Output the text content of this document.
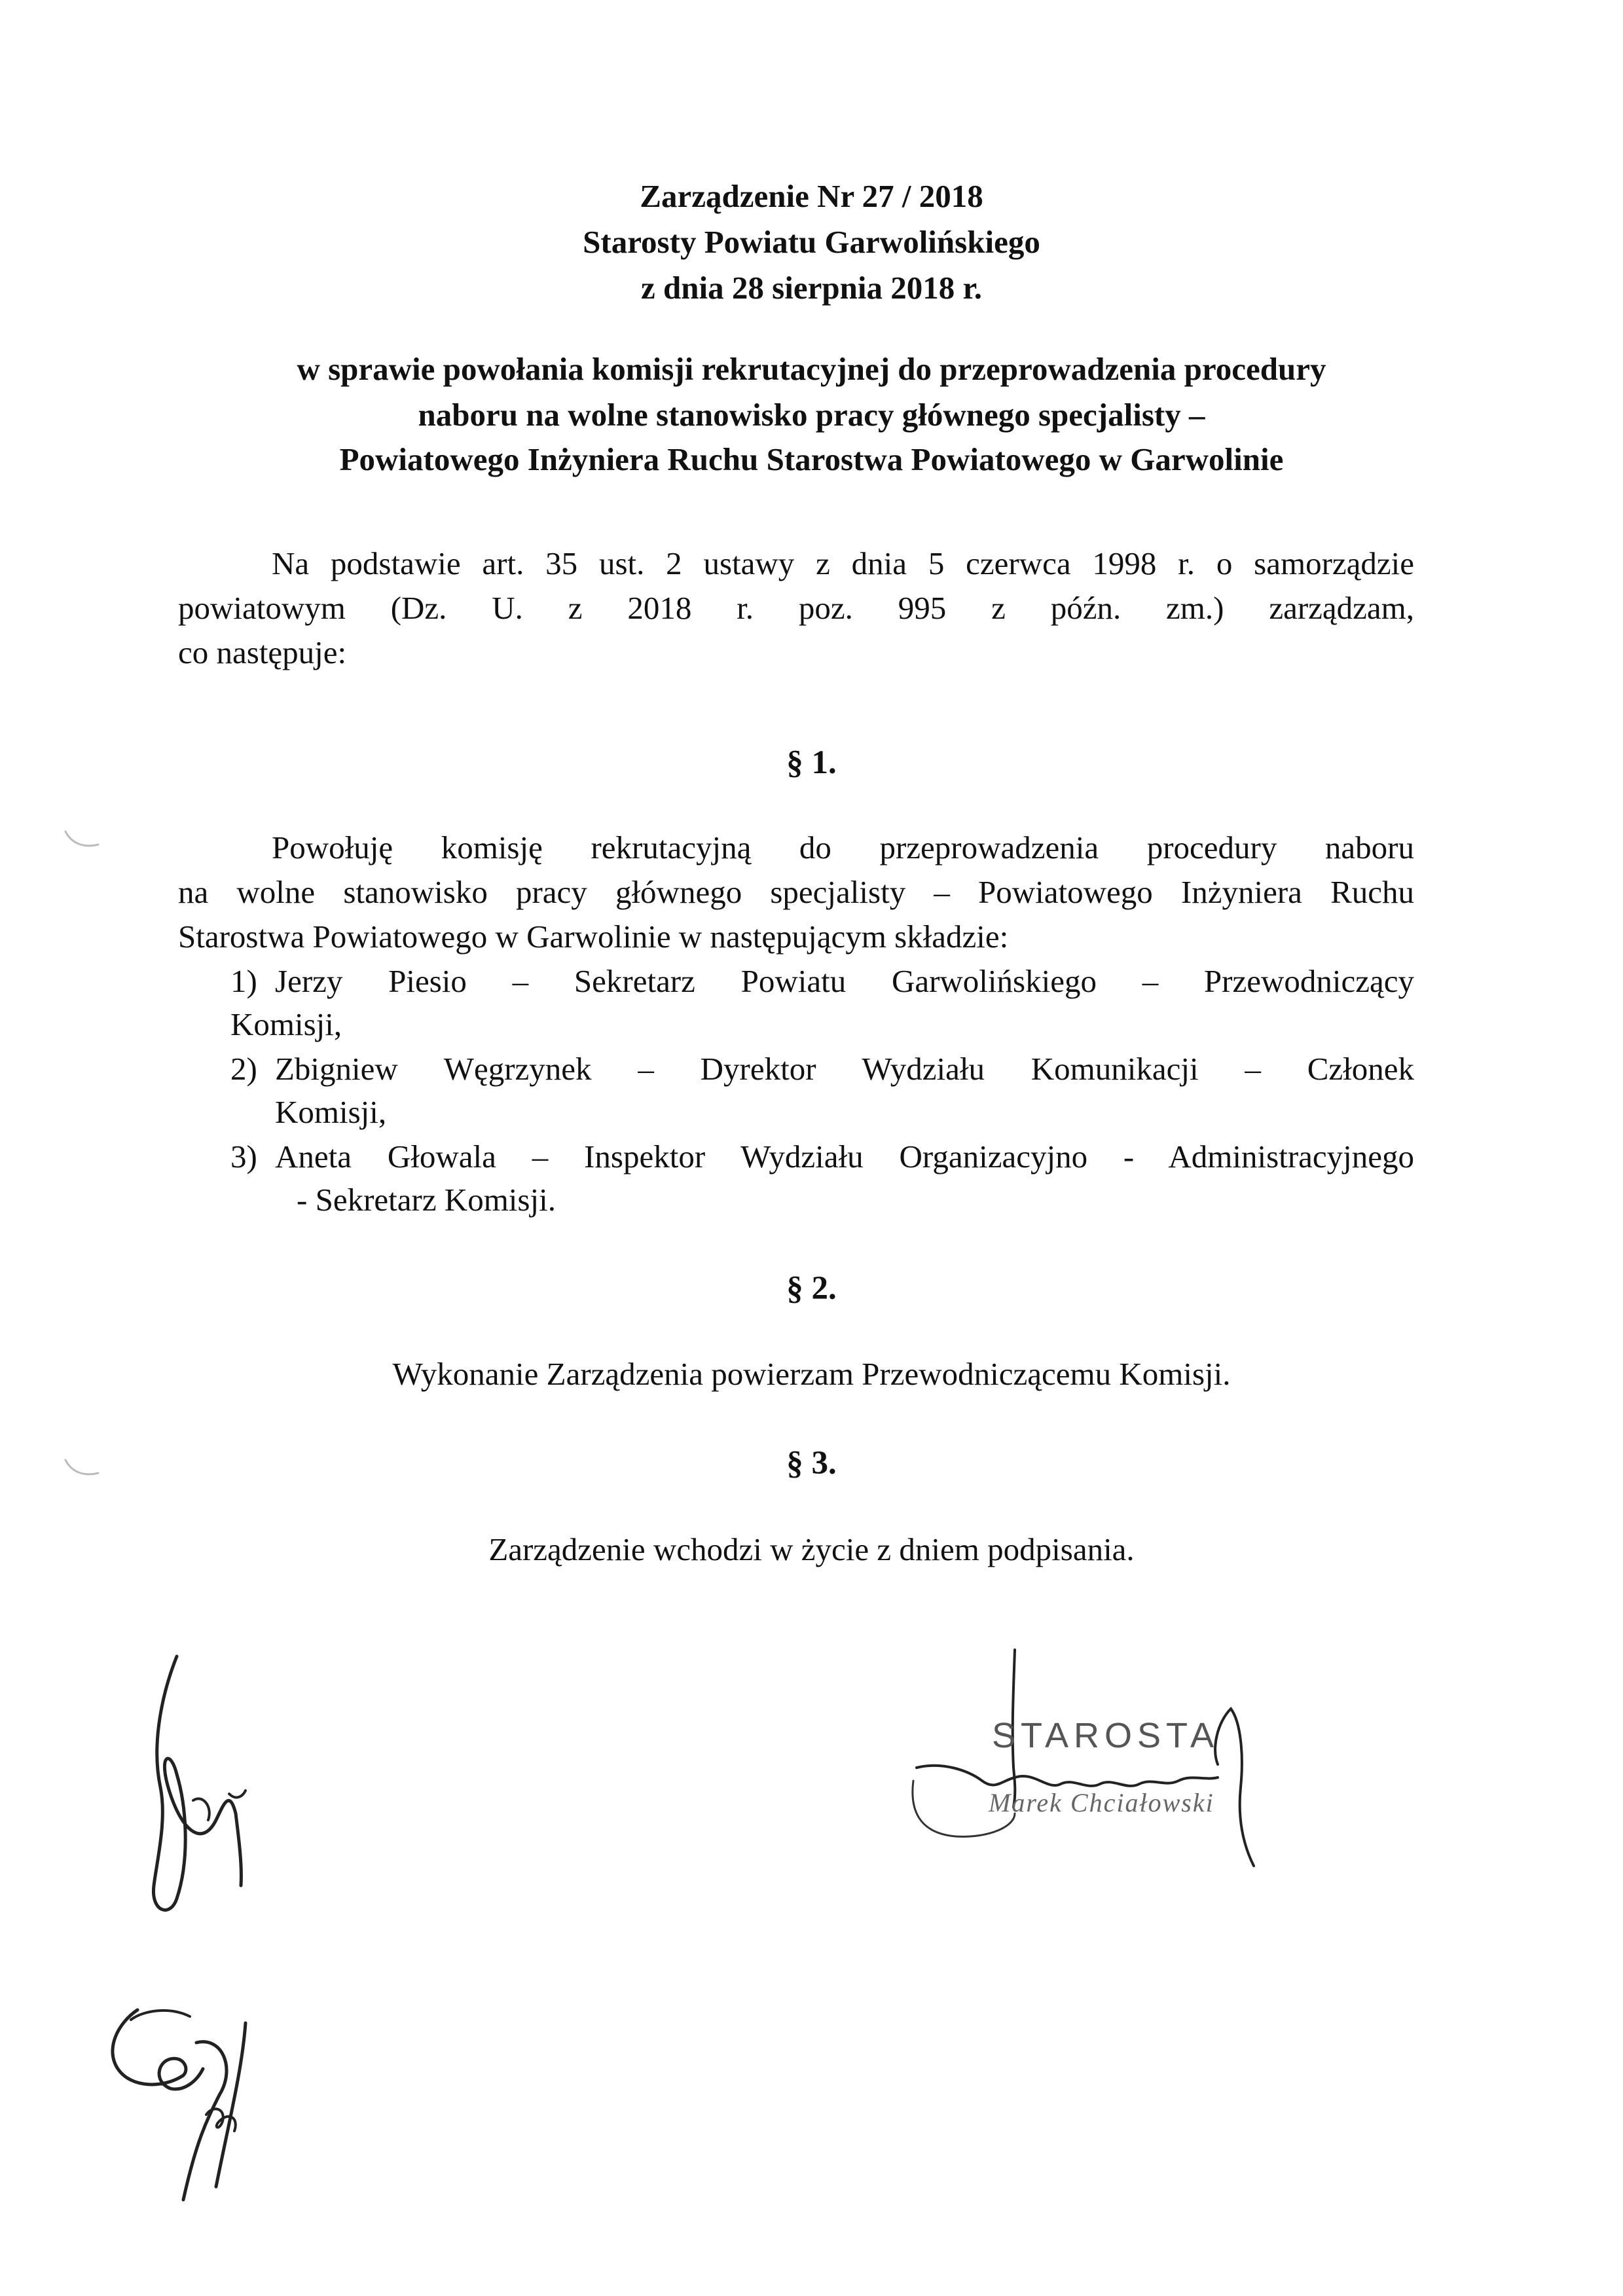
Zarządzenie Nr 27 / 2018
Starosty Powiatu Garwolińskiego
z dnia 28 sierpnia 2018 r.
w sprawie powołania komisji rekrutacyjnej do przeprowadzenia procedury
naboru na wolne stanowisko pracy głównego specjalisty –
Powiatowego Inżyniera Ruchu Starostwa Powiatowego w Garwolinie
Na podstawie art. 35 ust. 2 ustawy z dnia 5 czerwca 1998 r. o samorządzie
powiatowym (Dz. U. z 2018 r. poz. 995 z późn. zm.) zarządzam,
co następuje:
§ 1.
Powołuję komisję rekrutacyjną do przeprowadzenia procedury naboru
na wolne stanowisko pracy głównego specjalisty – Powiatowego Inżyniera Ruchu
Starostwa Powiatowego w Garwolinie w następującym składzie:
1) Jerzy Piesio – Sekretarz Powiatu Garwolińskiego – Przewodniczący
Komisji,
2) Zbigniew Węgrzynek – Dyrektor Wydziału Komunikacji – Członek
Komisji,
3) Aneta Głowala – Inspektor Wydziału Organizacyjno - Administracyjnego
- Sekretarz Komisji.
§ 2.
Wykonanie Zarządzenia powierzam Przewodniczącemu Komisji.
§ 3.
Zarządzenie wchodzi w życie z dniem podpisania.
STAROSTA
Marek Chciałowski
